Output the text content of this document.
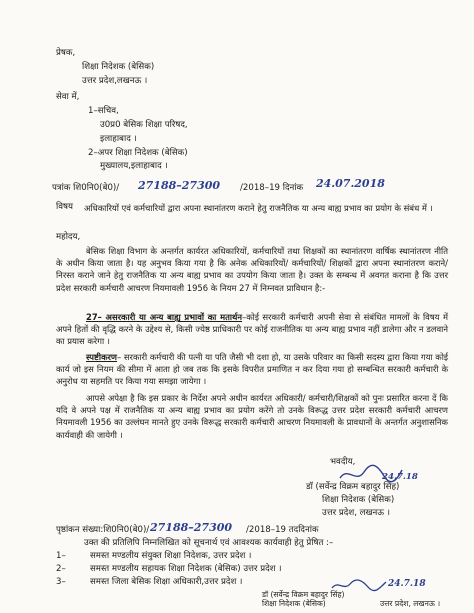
प्रेषक,
शिक्षा निदेशक (बेसिक)
उत्तर प्रदेश,लखनऊ ।
सेवा में,
1–सचिव,
उ0प्र0 बेसिक शिक्षा परिषद,
इलाहाबाद ।
2–अपर शिक्षा निदेशक (बेसिक)
मुख्यालय,इलाहाबाद ।
पत्रांक शि0नि0(बे0)/ 27188–27300 /2018–19 दिनांक 24.07.2018
विषय अधिकारियों एवं कर्मचारियों द्वारा अपना स्थानांतरण कराने हेतु राजनैतिक या अन्य बाह्य प्रभाव का प्रयोग के संबंध में ।
महोदय,
बेसिक शिक्षा विभाग के अन्तर्गत कार्यरत अधिकारियों, कर्मचारियों तथा शिक्षकों का स्थानांतरण वार्षिक स्थानांतरण नीति के अधीन किया जाता है। यह अनुभव किया गया है कि अनेक अधिकारियों/ कर्मचारियों/ शिक्षकों द्वारा अपना स्थानांतरण कराने/निरस्त कराने जाने हेतु राजनैतिक या अन्य बाह्य प्रभाव का उपयोग किया जाता है। उक्त के सम्बन्ध में अवगत कराना है कि उत्तर प्रदेश सरकारी कर्मचारी आचरण नियमावली 1956 के नियम 27 में निम्नवत प्राविधान है:-
27– असरकारी या अन्य बाह्य प्रभावों का मतार्थन–कोई सरकारी कर्मचारी अपनी सेवा से संबंधित मामलों के विषय में अपने हितों की वृद्धि करने के उद्देश्य से, किसी ज्येष्ठ प्राधिकारी पर कोई राजनीतिक या अन्य बाह्य प्रभाव नहीं डालेगा और न डलवाने का प्रयास करेगा ।
स्पष्टीकरण– सरकारी कर्मचारी की पत्नी या पति जैसी भी दशा हो, या उसके परिवार का किसी सदस्य द्वारा किया गया कोई कार्य जो इस नियम की सीमा में आता हो जब तक कि इसके विपरीत प्रमाणित न कर दिया गया हो सम्बन्धित सरकारी कर्मचारी के अनुरोध या सहमति पर किया गया समझा जायेगा ।
आपसे अपेक्षा है कि इस प्रकार के निर्देश अपने अधीन कार्यरत अधिकारी/ कर्मचारी/शिक्षकों को पुनः प्रसारित करना दें कि यदि वे अपने पक्ष में राजनैतिक या अन्य बाह्य प्रभाव का प्रयोग करेंगे तो उनके विरूद्ध उत्तर प्रदेश सरकारी कर्मचारी आचरण नियमावली 1956 का उल्लंघन मानते हुए उनके विरूद्ध सरकारी कर्मचारी आचरण नियमावली के प्रावधानों के अन्तर्गत अनुशासनिक कार्यवाही की जायेगी ।
भवदीय,
24.7.18
डॉ (सर्वेन्द्र विक्रम बहादुर सिंह)
शिक्षा निदेशक (बेसिक)
उत्तर प्रदेश, लखनऊ ।
पृष्ठांकन संख्या:शि0नि0(बे0)/ 27188–27300 /2018–19 तददिनांक
उक्त की प्रतिलिपि निम्नलिखित को सूचनार्थ एवं आवश्यक कार्यवाही हेतु प्रेषित :–
1–	समस्त मण्डलीय संयुक्त शिक्षा निदेशक, उत्तर प्रदेश ।
2–	समस्त मण्डलीय सहायक शिक्षा निदेशक (बेसिक) उत्तर प्रदेश ।
3–	समस्त जिला बेसिक शिक्षा अधिकारी,उत्तर प्रदेश ।	24.7.18
डॉ (सर्वेन्द्र विक्रम बहादुर सिंह)
शिक्षा निदेशक (बेसिक)	उत्तर प्रदेश, लखनऊ ।
